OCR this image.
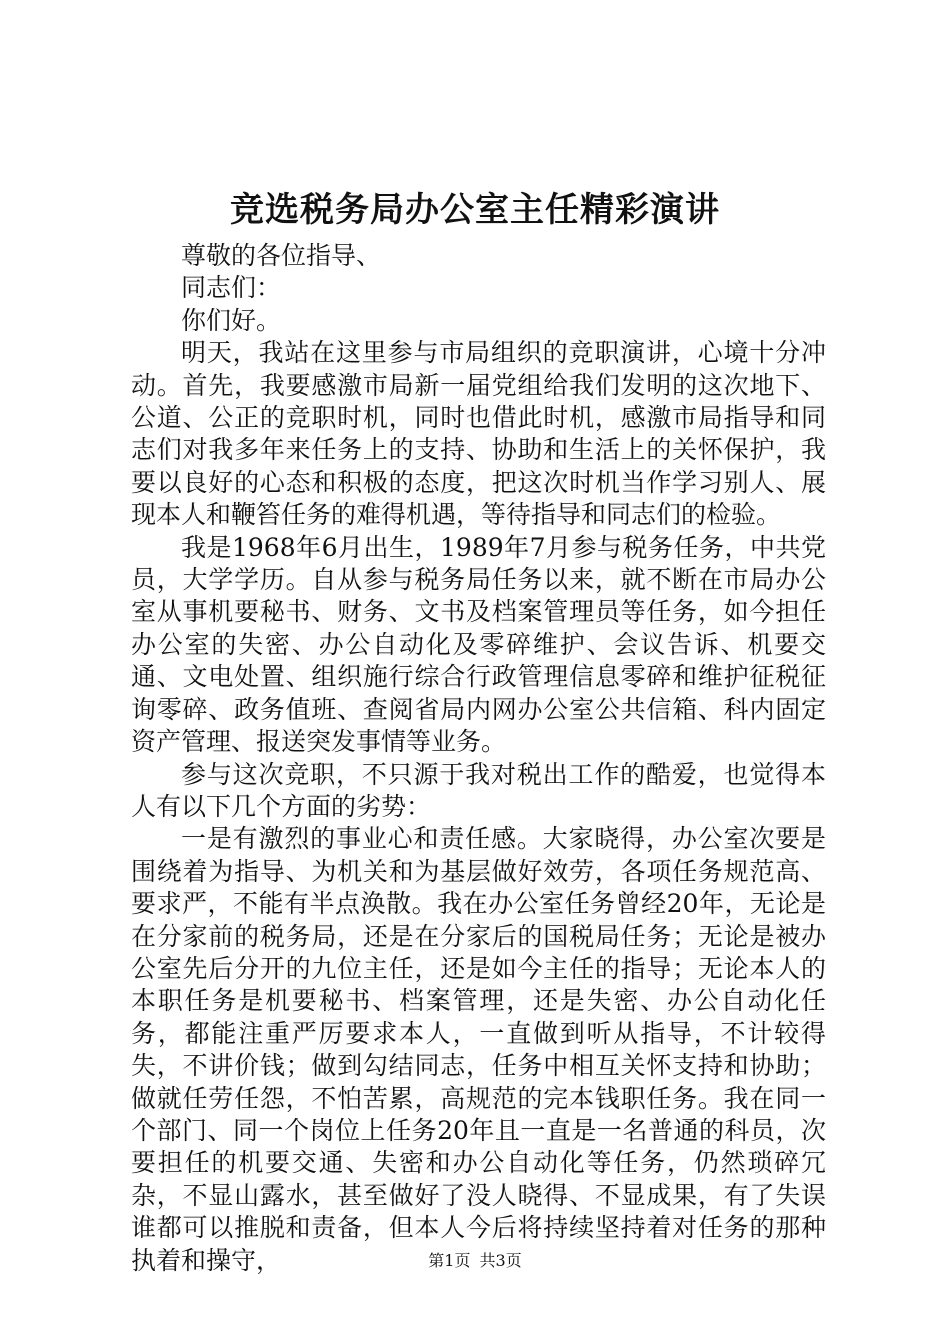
竞选税务局办公室主任精彩演讲

尊敬的各位指导、

同志们：

你们好。

明天，我站在这里参与市局组织的竞职演讲，心境十分冲动。首先，我要感激市局新一届党组给我们发明的这次地下、公道、公正的竞职时机，同时也借此时机，感激市局指导和同志们对我多年来任务上的支持、协助和生活上的关怀保护，我要以良好的心态和积极的态度，把这次时机当作学习别人、展现本人和鞭笞任务的难得机遇，等待指导和同志们的检验。

我是1968年6月出生，1989年7月参与税务任务，中共党员，大学学历。自从参与税务局任务以来，就不断在市局办公室从事机要秘书、财务、文书及档案管理员等任务，如今担任办公室的失密、办公自动化及零碎维护、会议告诉、机要交通、文电处置、组织施行综合行政管理信息零碎和维护征税征询零碎、政务值班、查阅省局内网办公室公共信箱、科内固定资产管理、报送突发事情等业务。

参与这次竞职，不只源于我对税出工作的酷爱，也觉得本人有以下几个方面的劣势：

一是有激烈的事业心和责任感。大家晓得，办公室次要是围绕着为指导、为机关和为基层做好效劳，各项任务规范高、要求严，不能有半点涣散。我在办公室任务曾经20年，无论是在分家前的税务局，还是在分家后的国税局任务；无论是被办公室先后分开的九位主任，还是如今主任的指导；无论本人的本职任务是机要秘书、档案管理，还是失密、办公自动化任务，都能注重严厉要求本人，一直做到听从指导，不计较得失，不讲价钱；做到勾结同志，任务中相互关怀支持和协助；做就任劳任怨，不怕苦累，高规范的完本钱职任务。我在同一个部门、同一个岗位上任务20年且一直是一名普通的科员，次要担任的机要交通、失密和办公自动化等任务，仍然琐碎冗杂，不显山露水，甚至做好了没人晓得、不显成果，有了失误谁都可以推脱和责备，但本人今后将持续坚持着对任务的那种执着和操守，	第1页 共3页
